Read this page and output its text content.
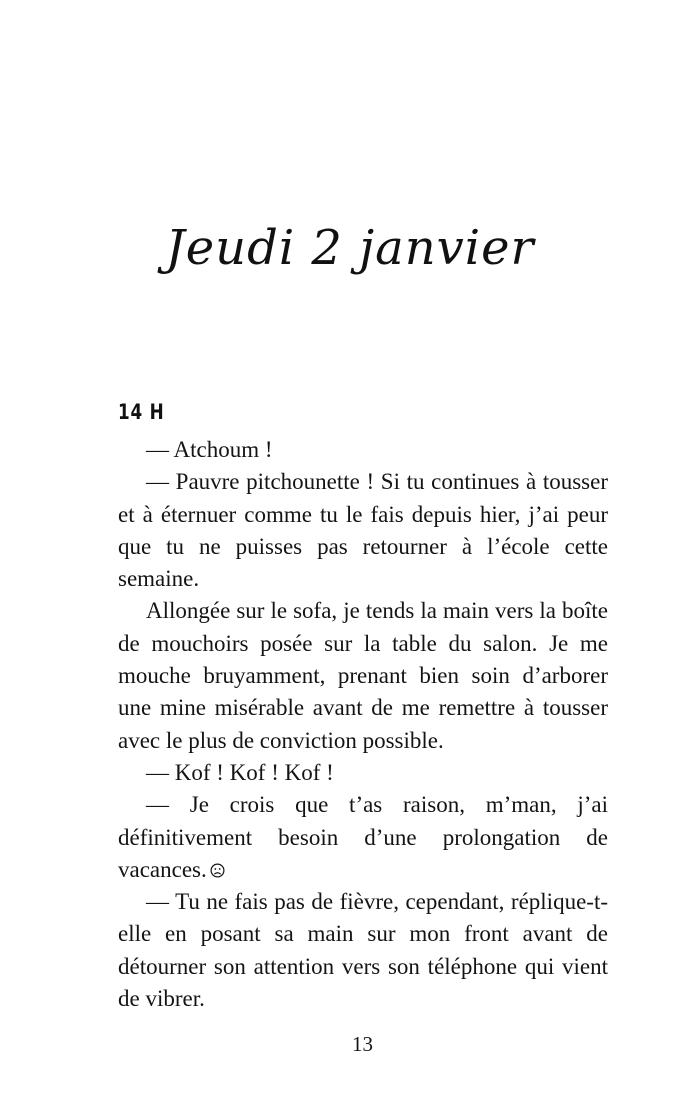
Jeudi 2 janvier
14 H

— Atchoum !

— Pauvre pitchounette ! Si tu continues à tousser et à éternuer comme tu le fais depuis hier, j’ai peur que tu ne puisses pas retourner à l’école cette semaine.

Allongée sur le sofa, je tends la main vers la boîte de mouchoirs posée sur la table du salon. Je me mouche bruyamment, prenant bien soin d’arborer une mine misérable avant de me remettre à tousser avec le plus de conviction possible.

— Kof ! Kof ! Kof !

— Je crois que t’as raison, m’man, j’ai définitivement besoin d’une prolongation de vacances.

— Tu ne fais pas de fièvre, cependant, réplique-t-elle en posant sa main sur mon front avant de détourner son attention vers son téléphone qui vient de vibrer.

13
